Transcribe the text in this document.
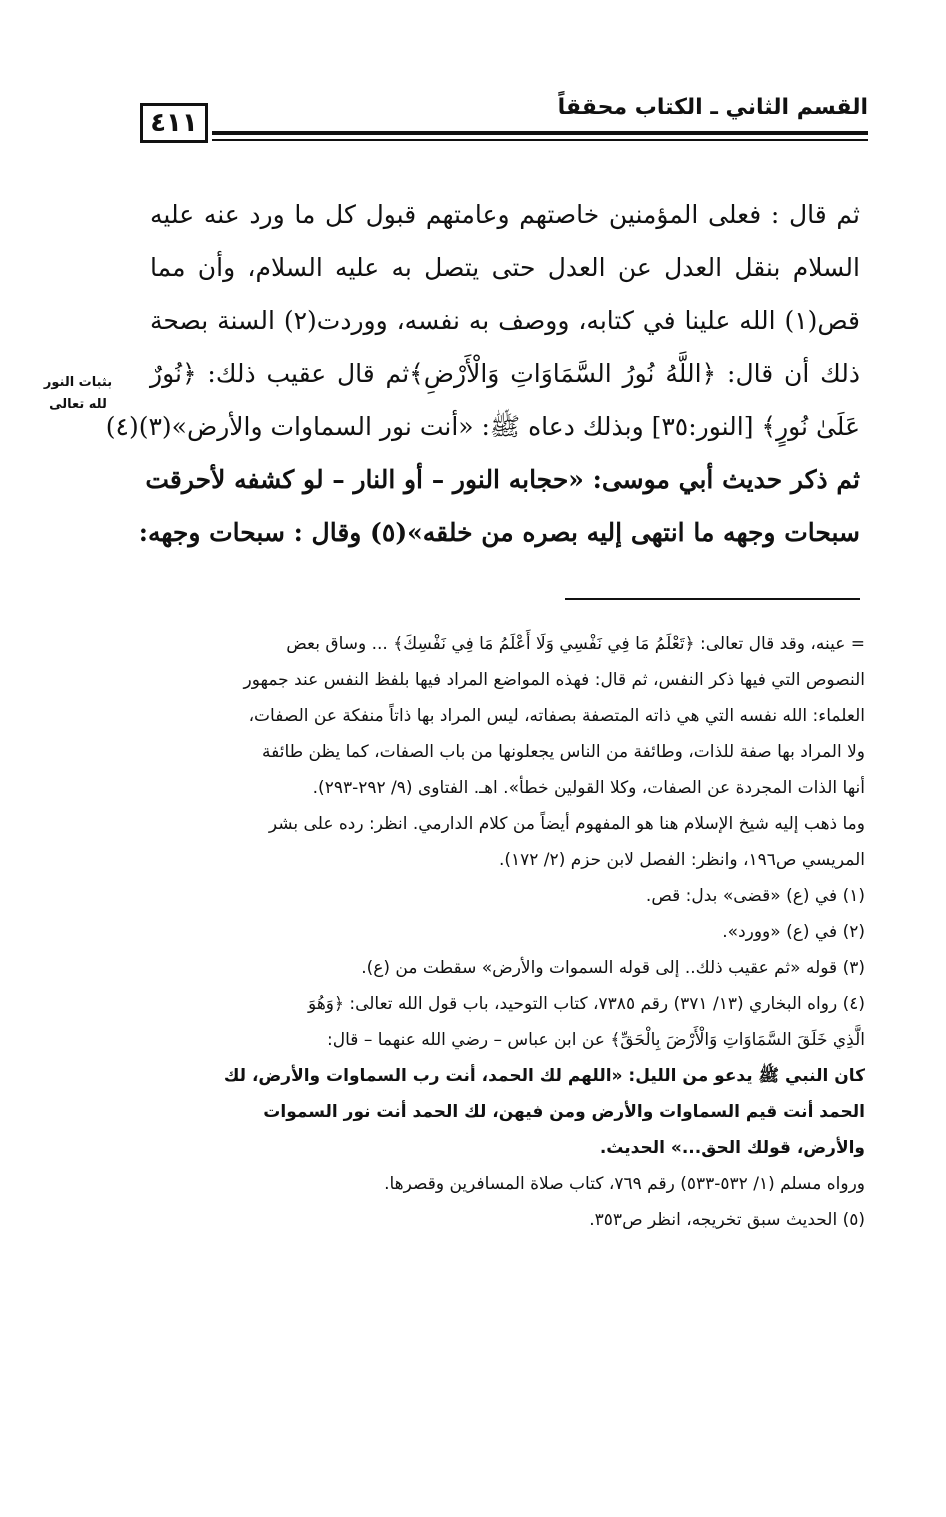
٤١١
القسم الثاني ـ الكتاب محققاً
بثبات النور
لله تعالى

ثم قال : فعلى المؤمنين خاصتهم وعامتهم قبول كل ما ورد عنه عليه
السلام بنقل العدل عن العدل حتى يتصل به عليه السلام، وأن مما
قص(١) الله علينا في كتابه، ووصف به نفسه، ووردت(٢) السنة بصحة
ذلك أن قال: ﴿اللَّهُ نُورُ السَّمَاوَاتِ وَالْأَرْضِ﴾ثم قال عقيب ذلك: ﴿نُورٌ
عَلَىٰ نُورٍ﴾ [النور:٣٥] وبذلك دعاه ﷺ: «أنت نور السماوات والأرض»(٣)(٤)
ثم ذكر حديث أبي موسى: «حجابه النور – أو النار – لو كشفه لأحرقت
سبحات وجهه ما انتهى إليه بصره من خلقه»(٥) وقال : سبحات وجهه:

= عينه، وقد قال تعالى: ﴿تَعْلَمُ مَا فِي نَفْسِي وَلَا أَعْلَمُ مَا فِي نَفْسِكَ﴾ ... وساق بعض
النصوص التي فيها ذكر النفس، ثم قال: فهذه المواضع المراد فيها بلفظ النفس عند جمهور
العلماء: الله نفسه التي هي ذاته المتصفة بصفاته، ليس المراد بها ذاتاً منفكة عن الصفات،
ولا المراد بها صفة للذات، وطائفة من الناس يجعلونها من باب الصفات، كما يظن طائفة
أنها الذات المجردة عن الصفات، وكلا القولين خطأ». اهـ. الفتاوى (٩/ ٢٩٢-٢٩٣).
وما ذهب إليه شيخ الإسلام هنا هو المفهوم أيضاً من كلام الدارمي. انظر: رده على بشر
المريسي ص١٩٦، وانظر: الفصل لابن حزم (٢/ ١٧٢).

(١) في (ع) «قضى» بدل: قص.

(٢) في (ع) «وورد».

(٣) قوله «ثم عقيب ذلك.. إلى قوله السموات والأرض» سقطت من (ع).

(٤) رواه البخاري (١٣/ ٣٧١) رقم ٧٣٨٥، كتاب التوحيد، باب قول الله تعالى: ﴿وَهُوَ
الَّذِي خَلَقَ السَّمَاوَاتِ وَالْأَرْضَ بِالْحَقِّ﴾ عن ابن عباس – رضي الله عنهما – قال:
كان النبي ﷺ يدعو من الليل: «اللهم لك الحمد، أنت رب السماوات والأرض، لك
الحمد أنت قيم السماوات والأرض ومن فيهن، لك الحمد أنت نور السموات
والأرض، قولك الحق...» الحديث.
ورواه مسلم (١/ ٥٣٢-٥٣٣) رقم ٧٦٩، كتاب صلاة المسافرين وقصرها.

(٥) الحديث سبق تخريجه، انظر ص٣٥٣.
